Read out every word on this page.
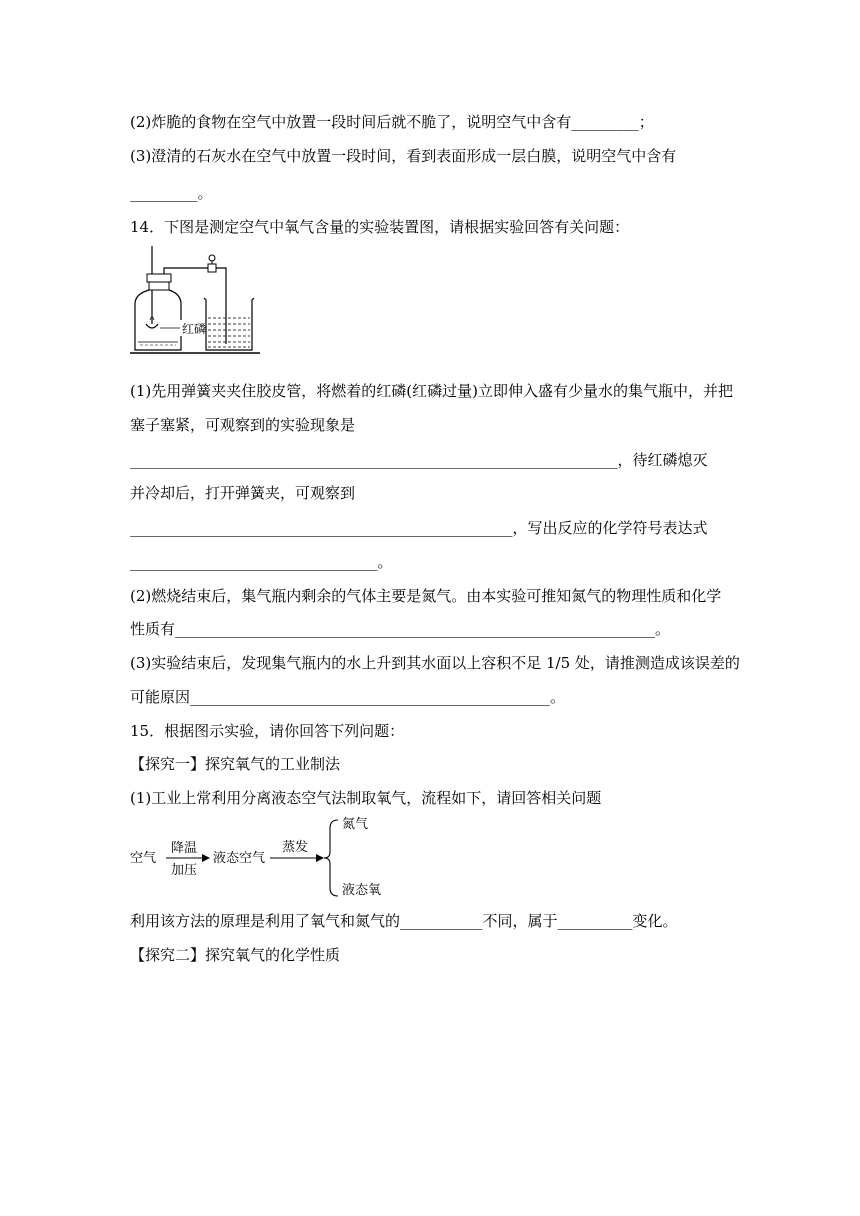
(2)炸脆的食物在空气中放置一段时间后就不脆了，说明空气中含有_________；
(3)澄清的石灰水在空气中放置一段时间，看到表面形成一层白膜，说明空气中含有
_________。
14．下图是测定空气中氧气含量的实验装置图，请根据实验回答有关问题：
红磷
(1)先用弹簧夹夹住胶皮管，将燃着的红磷(红磷过量)立即伸入盛有少量水的集气瓶中，并把
塞子塞紧，可观察到的实验现象是
_________________________________________________________________，待红磷熄灭
并冷却后，打开弹簧夹，可观察到
___________________________________________________，写出反应的化学符号表达式
_________________________________。
(2)燃烧结束后，集气瓶内剩余的气体主要是氮气。由本实验可推知氮气的物理性质和化学
性质有________________________________________________________________。
(3)实验结束后，发现集气瓶内的水上升到其水面以上容积不足 1/5 处，请推测造成该误差的
可能原因________________________________________________。
15．根据图示实验，请你回答下列问题：
【探究一】探究氧气的工业制法
(1)工业上常利用分离液态空气法制取氧气，流程如下，请回答相关问题
空气
降温
加压
液态空气
蒸发
氮气
液态氧
利用该方法的原理是利用了氧气和氮气的___________不同，属于__________变化。
【探究二】探究氧气的化学性质
